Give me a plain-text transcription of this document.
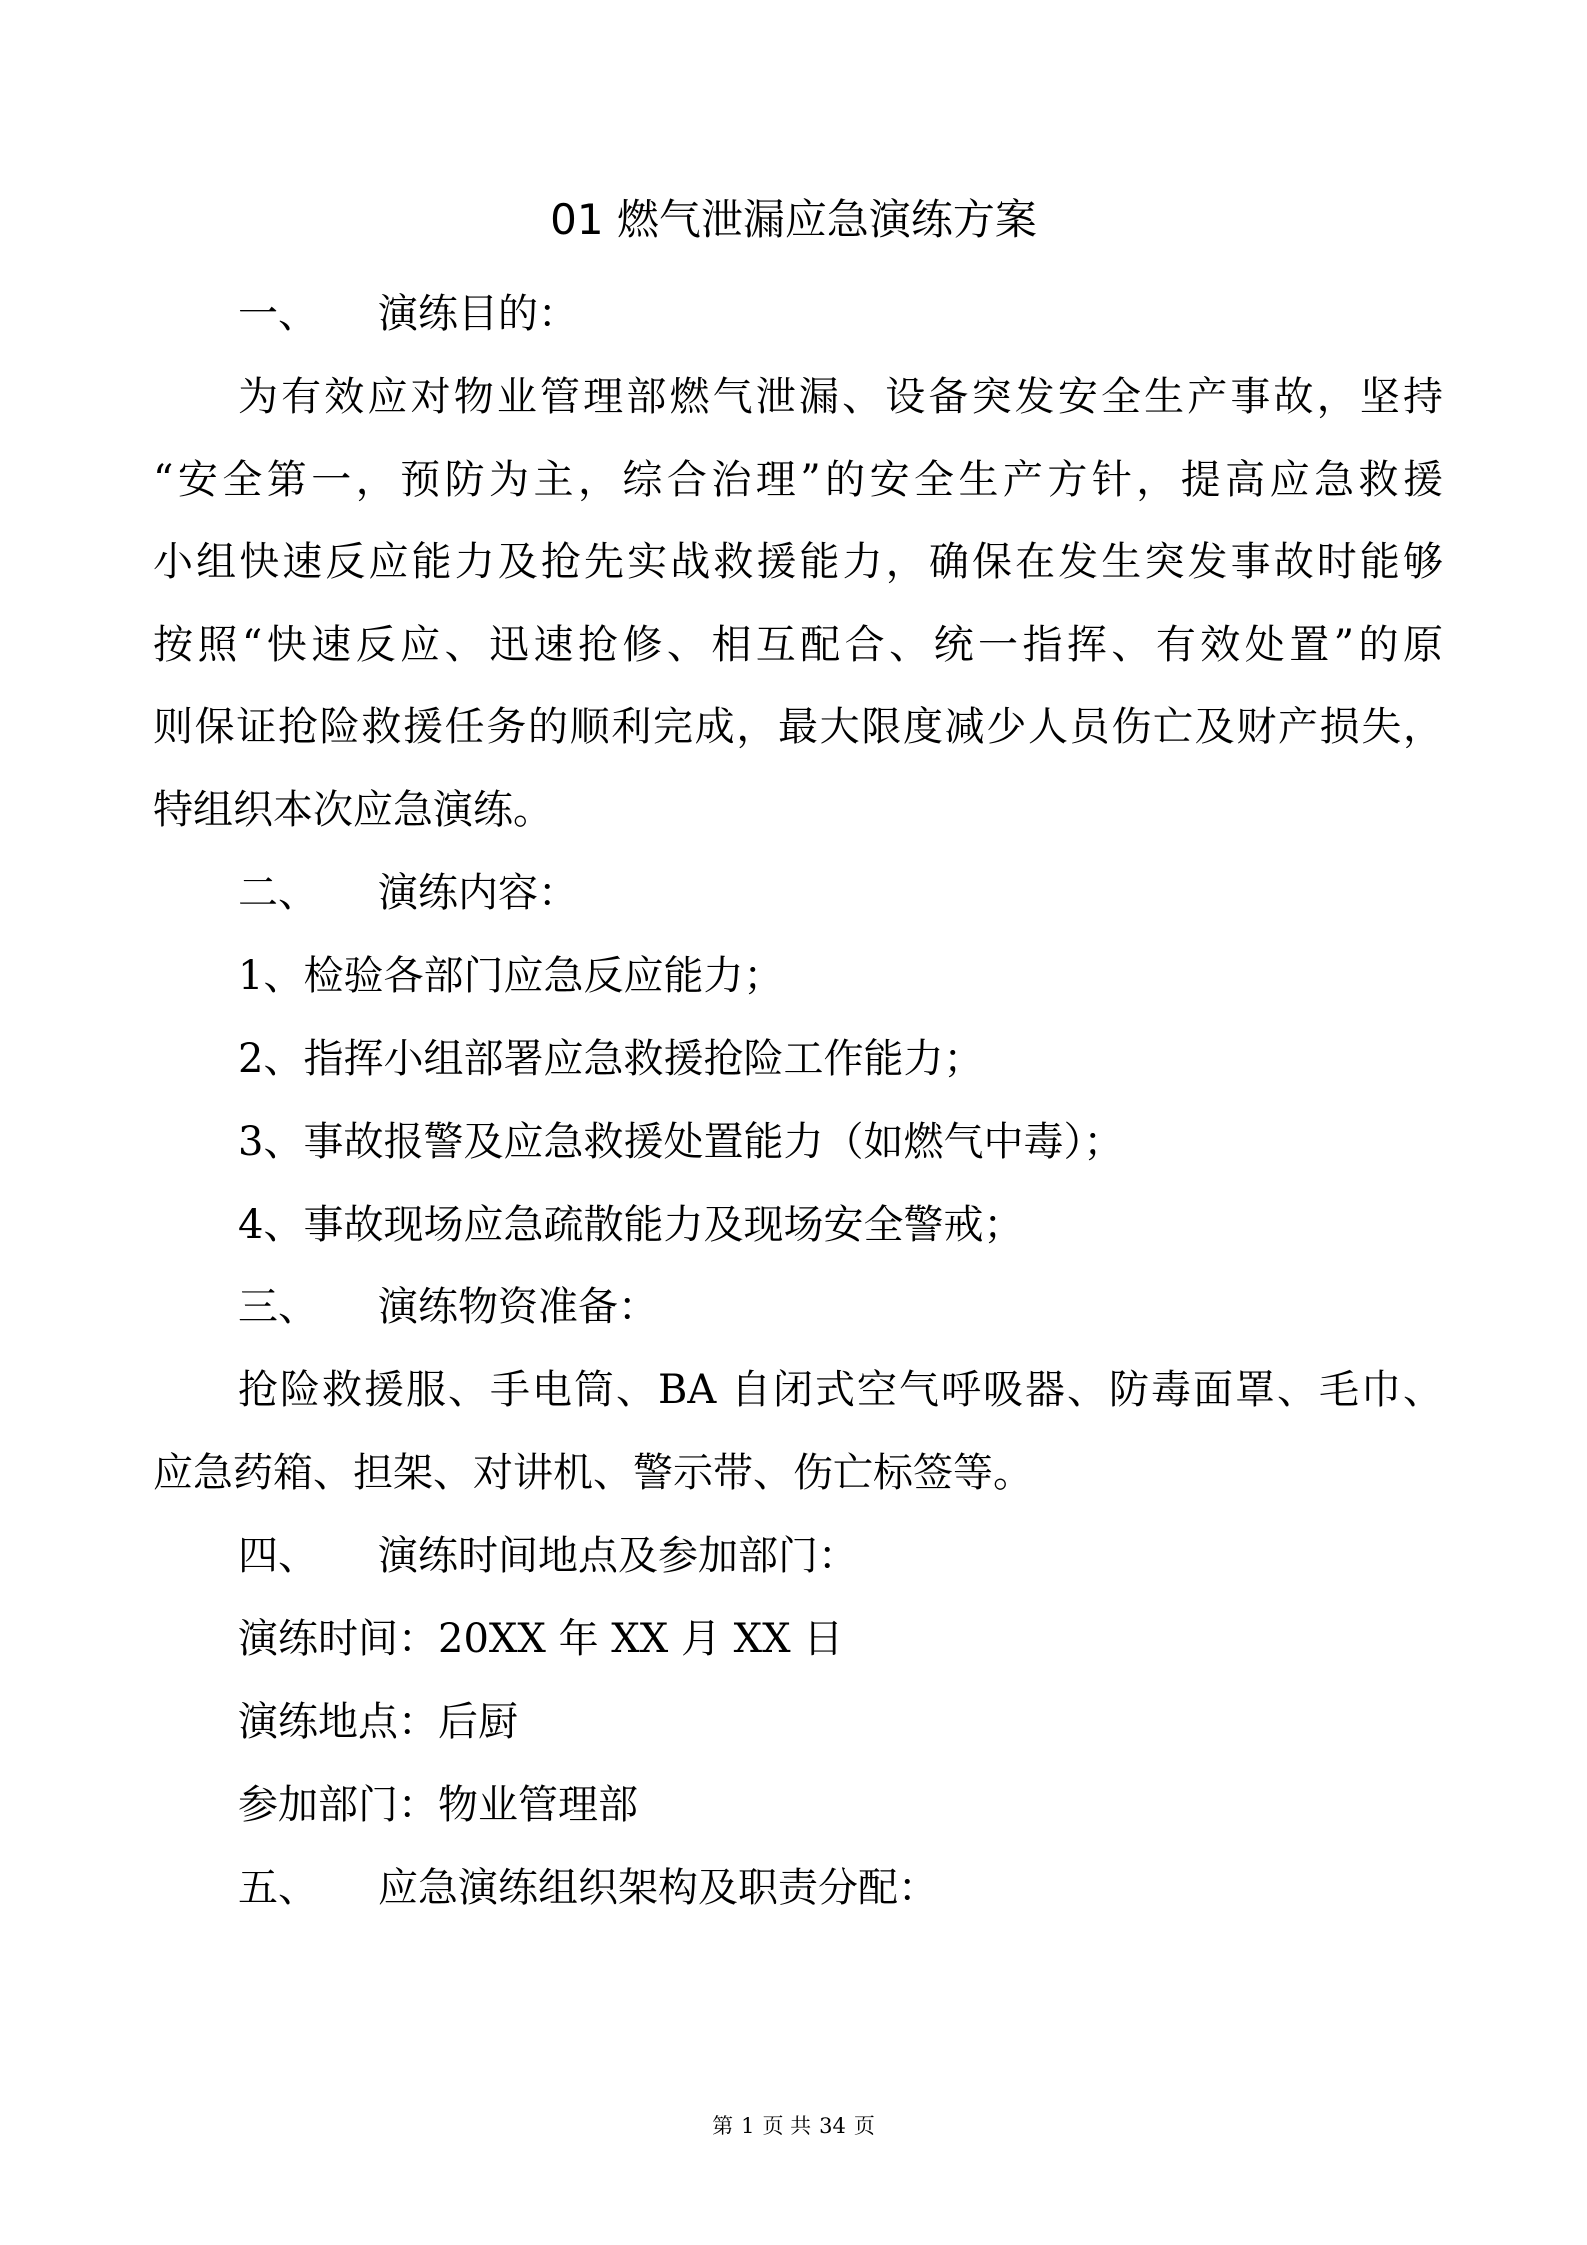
01 燃气泄漏应急演练方案
一、 演练目的：
为有效应对物业管理部燃气泄漏、设备突发安全生产事故，坚持
“安全第一，预防为主，综合治理”的安全生产方针，提高应急救援
小组快速反应能力及抢先实战救援能力，确保在发生突发事故时能够
按照“快速反应、迅速抢修、相互配合、统一指挥、有效处置”的原
则保证抢险救援任务的顺利完成，最大限度减少人员伤亡及财产损失，
特组织本次应急演练。
二、 演练内容：
1、检验各部门应急反应能力；
2、指挥小组部署应急救援抢险工作能力；
3、事故报警及应急救援处置能力（如燃气中毒）；
4、事故现场应急疏散能力及现场安全警戒；
三、 演练物资准备：
抢险救援服、手电筒、BA 自闭式空气呼吸器、防毒面罩、毛巾、
应急药箱、担架、对讲机、警示带、伤亡标签等。
四、 演练时间地点及参加部门：
演练时间：20XX 年 XX 月 XX 日
演练地点：后厨
参加部门：物业管理部
五、 应急演练组织架构及职责分配：
第 1 页 共 34 页
